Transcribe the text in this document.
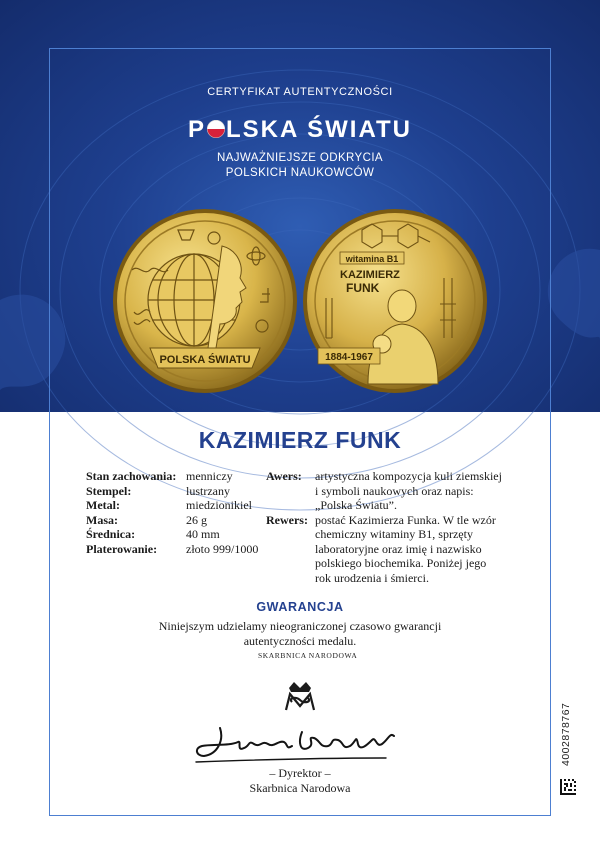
CERTYFIKAT AUTENTYCZNOŚCI
P LSKA ŚWIATU
NAJWAŻNIEJSZE ODKRYCIA
POLSKICH NAUKOWCÓW
POLSKA ŚWIATU
witamina B1
KAZIMIERZ
FUNK
1884-1967
KAZIMIERZ FUNK
Stan zachowania: menniczy
Stempel:	lustrzany
Metal:	miedzionikiel
Masa:	26 g
Średnica:	40 mm
Platerowanie:	złoto 999/1000
Awers:	artystyczna kompozycja kuli ziemskiej
i symboli naukowych oraz napis:
„Polska Światu”.
Rewers: postać Kazimierza Funka. W tle wzór
chemiczny witaminy B1, sprzęty
laboratoryjne oraz imię i nazwisko
polskiego biochemika. Poniżej jego
rok urodzenia i śmierci.
GWARANCJA
Niniejszym udzielamy nieograniczonej czasowo gwarancji
autentyczności medalu.
SKARBNICA NARODOWA
– Dyrektor –
Skarbnica Narodowa
4002878767
